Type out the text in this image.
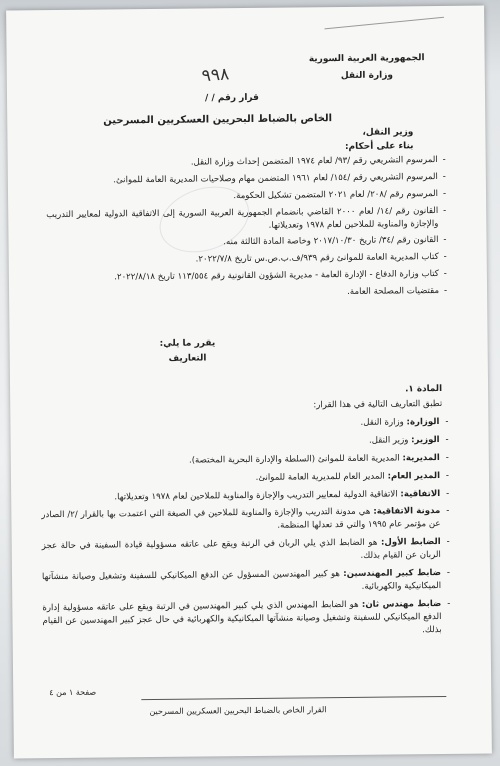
الجمهورية العربية السورية
وزارة النقل
٩٩٨
قرار رقم / /
الخاص بالضباط البحريين العسكريين المسرحين
وزير النقل،
بناء على أحكام:
- المرسوم التشريعي رقم /٩٣/ لعام ١٩٧٤ المتضمن إحداث وزارة النقل.
- المرسوم التشريعي رقم /١٥٤/ لعام ١٩٦١ المتضمن مهام وصلاحيات المديرية العامة للموانئ.
- المرسوم رقم /٢٠٨/ لعام ٢٠٢١ المتضمن تشكيل الحكومة.
- القانون رقم /١٤/ لعام ٢٠٠٠ القاضي بانضمام الجمهورية العربية السورية إلى الاتفاقية الدولية لمعايير التدريب والإجازة والمناوبة للملاحين لعام ١٩٧٨ وتعديلاتها.
- القانون رقم /٣٤/ تاريخ ٢٠١٧/١٠/٣٠ وخاصة المادة الثالثة منه.
- كتاب المديرية العامة للموانئ رقم ٩٣٩/ف.ب.ص.س تاريخ ٢٠٢٢/٧/٨.
- كتاب وزارة الدفاع - الإدارة العامة - مديرية الشؤون القانونية رقم ١١٣/٥٥٤ تاريخ ٢٠٢٢/٨/١٨.
- مقتضيات المصلحة العامة.
يقرر ما يلي:
التعاريف
المادة ١.
تطبق التعاريف التالية في هذا القرار:
- الوزارة: وزارة النقل.
- الوزير: وزير النقل.
- المديرية: المديرية العامة للموانئ (السلطة والإدارة البحرية المختصة).
- المدير العام: المدير العام للمديرية العامة للموانئ.
- الاتفاقية: الاتفاقية الدولية لمعايير التدريب والإجازة والمناوبة للملاحين لعام ١٩٧٨ وتعديلاتها.
- مدونة الاتفاقية: هي مدونة التدريب والإجازة والمناوبة للملاحين في الصيغة التي اعتمدت بها بالقرار /٢/ الصادر عن مؤتمر عام ١٩٩٥ والتي قد تعدلها المنظمة.
- الضابط الأول: هو الضابط الذي يلي الربان في الرتبة ويقع على عاتقه مسؤولية قيادة السفينة في حالة عجز الربان عن القيام بذلك.
- ضابط كبير المهندسين: هو كبير المهندسين المسؤول عن الدفع الميكانيكي للسفينة وتشغيل وصيانة منشآتها الميكانيكية والكهربائية.
- ضابط مهندس ثان: هو الضابط المهندس الذي يلي كبير المهندسين في الرتبة ويقع على عاتقه مسؤولية إدارة الدفع الميكانيكي للسفينة وتشغيل وصيانة منشآتها الميكانيكية والكهربائية في حال عجز كبير المهندسين عن القيام بذلك.
صفحة ١ من ٤
القرار الخاص بالضباط البحريين العسكريين المسرحين
